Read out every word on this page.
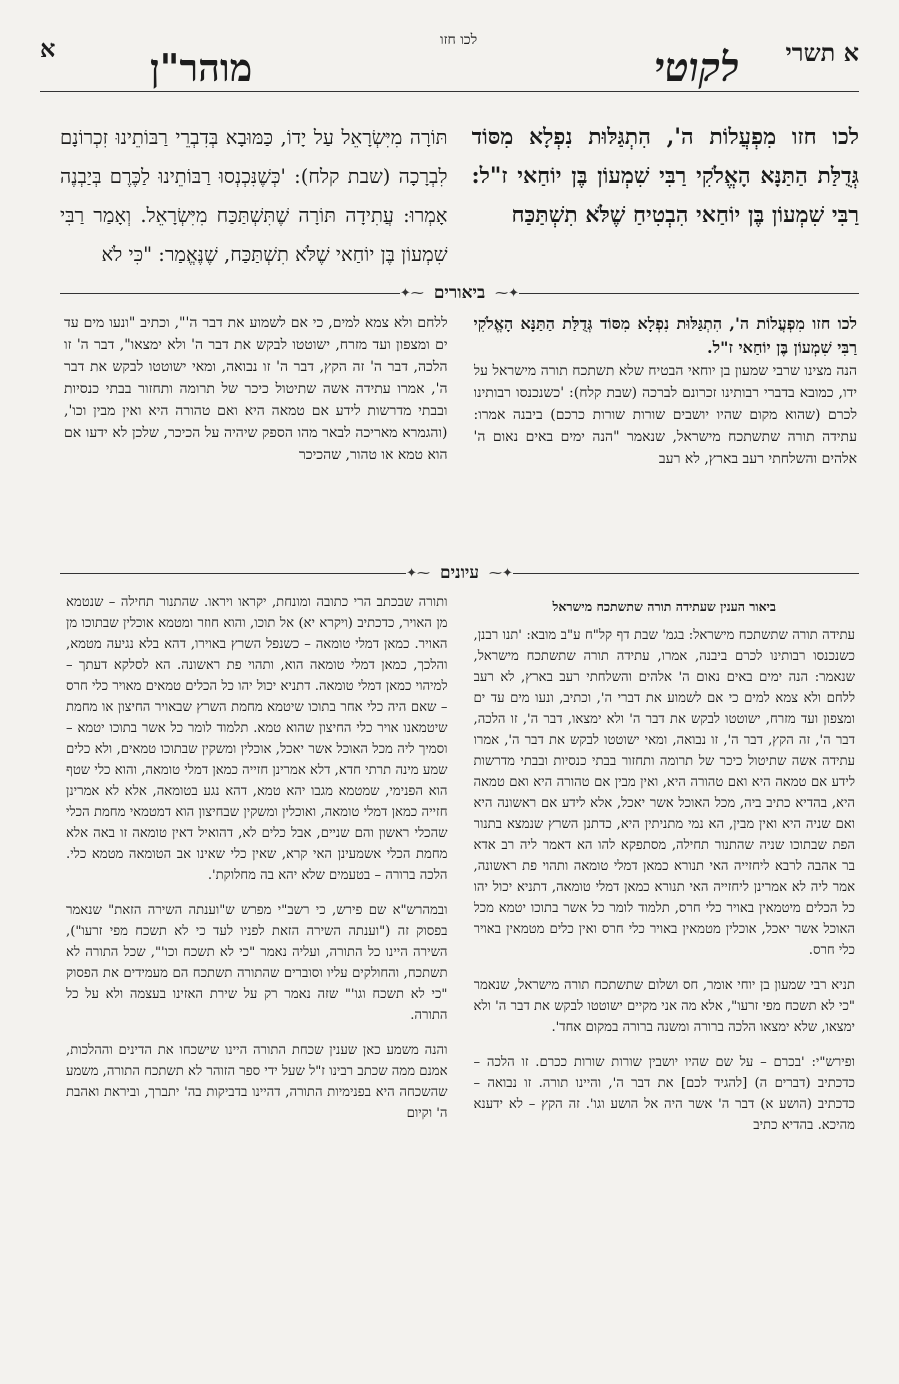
א תשרי
לקוטי
לכו חזו
מוהר"ן
א
לכו חזו מִפְעֲלוֹת ה', הִתְגַּלּוּת נִפְלָא מִסּוֹד גְּדֻלַּת הַתַּנָּא הָאֱלֹקִי רַבִּי שִׁמְעוֹן בֶּן יוֹחַאי ז"ל: רַבִּי שִׁמְעוֹן בֶּן יוֹחַאי הִבְטִיחַ שֶׁלֹּא תִשְׁתַּכַּח
תּוֹרָה מִיִּשְׂרָאֵל עַל יָדוֹ, כַּמּוּבָא בְּדִבְרֵי רַבּוֹתֵינוּ זִכְרוֹנָם לִבְרָכָה (שבת קלח): 'כְּשֶׁנִּכְנְסוּ רַבּוֹתֵינוּ לַכֶּרֶם בְּיַבְנֶה אָמְרוּ: עֲתִידָה תּוֹרָה שֶׁתִּשְׁתַּכַּח מִיִּשְׂרָאֵל. וְאָמַר רַבִּי שִׁמְעוֹן בֶּן יוֹחַאי שֶׁלֹּא תִשְׁתַּכַּח, שֶׁנֶּאֱמַר: "כִּי לֹא
✦⁓
ביאורים
⁓✦
לכו חזו מִפְעֲלוֹת ה', הִתְגַּלּוּת נִפְלָא מִסּוֹד גְּדֻלַּת הַתַּנָּא הָאֱלֹקִי רַבִּי שִׁמְעוֹן בֶּן יוֹחַאי ז"ל.
הנה מצינו שרבי שמעון בן יוחאי הבטיח שלא תשתכח תורה מישראל על ידו, כמובא בדברי רבותינו זכרונם לברכה (שבת קלח): 'כשנכנסו רבותינו לכרם (שהוא מקום שהיו יושבים שורות שורות כרכם) ביבנה אמרו: עתידה תורה שתשתכח מישראל, שנאמר "הנה ימים באים נאום ה' אלהים והשלחתי רעב בארץ, לא רעב
ללחם ולא צמא למים, כי אם לשמוע את דבר ה'", וכתיב "ונעו מים עד ים ומצפון ועד מזרח, ישוטטו לבקש את דבר ה' ולא ימצאו", דבר ה' זו הלכה, דבר ה' זה הקץ, דבר ה' זו נבואה, ומאי ישוטטו לבקש את דבר ה', אמרו עתידה אשה שתיטול כיכר של תרומה ותחזור בבתי כנסיות ובבתי מדרשות לידע אם טמאה היא ואם טהורה היא ואין מבין וכו', (והגמרא מאריכה לבאר מהו הספק שיהיה על הכיכר, שלכן לא ידעו אם הוא טמא או טהור, שהכיכר
✦⁓
עיונים
⁓✦
ביאור הענין שעתידה תורה שתשתכח מישראל

עתידה תורה שתשתכח מישראל: בגמ' שבת דף קל"ח ע"ב מובא: 'תנו רבנן, כשנכנסו רבותינו לכרם ביבנה, אמרו, עתידה תורה שתשתכח מישראל, שנאמר: הנה ימים באים נאום ה' אלהים והשלחתי רעב בארץ, לא רעב ללחם ולא צמא למים כי אם לשמוע את דברי ה', וכתיב, ונעו מים עד ים ומצפון ועד מזרח, ישוטטו לבקש את דבר ה' ולא ימצאו, דבר ה', זו הלכה, דבר ה', זה הקץ, דבר ה', זו נבואה, ומאי ישוטטו לבקש את דבר ה', אמרו עתידה אשה שתיטול כיכר של תרומה ותחזור בבתי כנסיות ובבתי מדרשות לידע אם טמאה היא ואם טהורה היא, ואין מבין אם טהורה היא ואם טמאה היא, בהדיא כתיב ביה, מכל האוכל אשר יאכל, אלא לידע אם ראשונה היא ואם שניה היא ואין מבין, הא נמי מתניתין היא, כדתנן השרץ שנמצא בתנור הפת שבתוכו שניה שהתנור תחילה, מסתפקא להו הא דאמר ליה רב אדא בר אהבה לרבא ליחזייה האי תנורא כמאן דמלי טומאה ותהוי פת ראשונה, אמר ליה לא אמרינן ליחזייה האי תנורא כמאן דמלי טומאה, דתניא יכול יהו כל הכלים מיטמאין באויר כלי חרס, תלמוד לומר כל אשר בתוכו יטמא מכל האוכל אשר יאכל, אוכלין מטמאין באויר כלי חרס ואין כלים מטמאין באויר כלי חרס.

תניא רבי שמעון בן יוחי אומר, חס ושלום שתשתכח תורה מישראל, שנאמר "כי לא תשכח מפי זרעו", אלא מה אני מקיים ישוטטו לבקש את דבר ה' ולא ימצאו, שלא ימצאו הלכה ברורה ומשנה ברורה במקום אחד'.

ופירש"י: 'בכרם – על שם שהיו יושבין שורות שורות ככרם. זו הלכה – כדכתיב (דברים ה) [להגיד לכם] את דבר ה', והיינו תורה. זו נבואה – כדכתיב (הושע א) דבר ה' אשר היה אל הושע וגו'. זה הקץ – לא ידענא מהיכא. בהדיא כתיב

ותורה שבכתב הרי כתובה ומונחת, יקראו ויראו. שהתנור תחילה – שנטמא מן האויר, כדכתיב (ויקרא יא) אל תוכו, והוא חוזר ומטמא אוכלין שבתוכו מן האויר. כמאן דמלי טומאה – כשנפל השרץ באוירו, דהא בלא נגיעה מטמא, והלכך, כמאן דמלי טומאה הוא, ותהוי פת ראשונה. הא לסלקא דעתך – למיהוי כמאן דמלי טומאה. דתניא יכול יהו כל הכלים טמאים מאויר כלי חרס – שאם היה כלי אחר בתוכו שיטמא מחמת השרץ שבאויר החיצון או מחמת שיטמאנו אויר כלי החיצון שהוא טמא. תלמוד לומר כל אשר בתוכו יטמא – וסמיך ליה מכל האוכל אשר יאכל, אוכלין ומשקין שבתוכו טמאים, ולא כלים שמע מינה תרתי חדא, דלא אמרינן חזייה כמאן דמלי טומאה, והוא כלי שטף הוא הפנימי, שמטמא מגבו יהא טמא, דהא נגע בטומאה, אלא לא אמרינן חזייה כמאן דמלי טומאה, ואוכלין ומשקין שבחיצון הוא דמטמאי מחמת הכלי שהכלי ראשון והם שניים, אבל כלים לא, דהואיל דאין טומאה זו באה אלא מחמת הכלי אשמעינן האי קרא, שאין כלי שאינו אב הטומאה מטמא כלי. הלכה ברורה – בטעמים שלא יהא בה מחלוקת'.

ובמהרש"א שם פירש, כי רשב"י מפרש ש"וענתה השירה הזאת" שנאמר בפסוק זה ("וענתה השירה הזאת לפניו לעד כי לא תשכח מפי זרעו"), השירה היינו כל התורה, ועליה נאמר "כי לא תשכח וכו'", שכל התורה לא תשתכח, והחולקים עליו וסוברים שהתורה תשתכח הם מעמידים את הפסוק "כי לא תשכח וגו'" שזה נאמר רק על שירת האזינו בעצמה ולא על כל התורה.

והנה משמע כאן שענין שכחת התורה היינו שישכחו את הדינים וההלכות, אמנם ממה שכתב רבינו ז"ל שעל ידי ספר הזוהר לא תשתכח התורה, משמע שהשכחה היא בפנימיות התורה, דהיינו בדביקות בה' יתברך, וביראת ואהבת ה' וקיום
